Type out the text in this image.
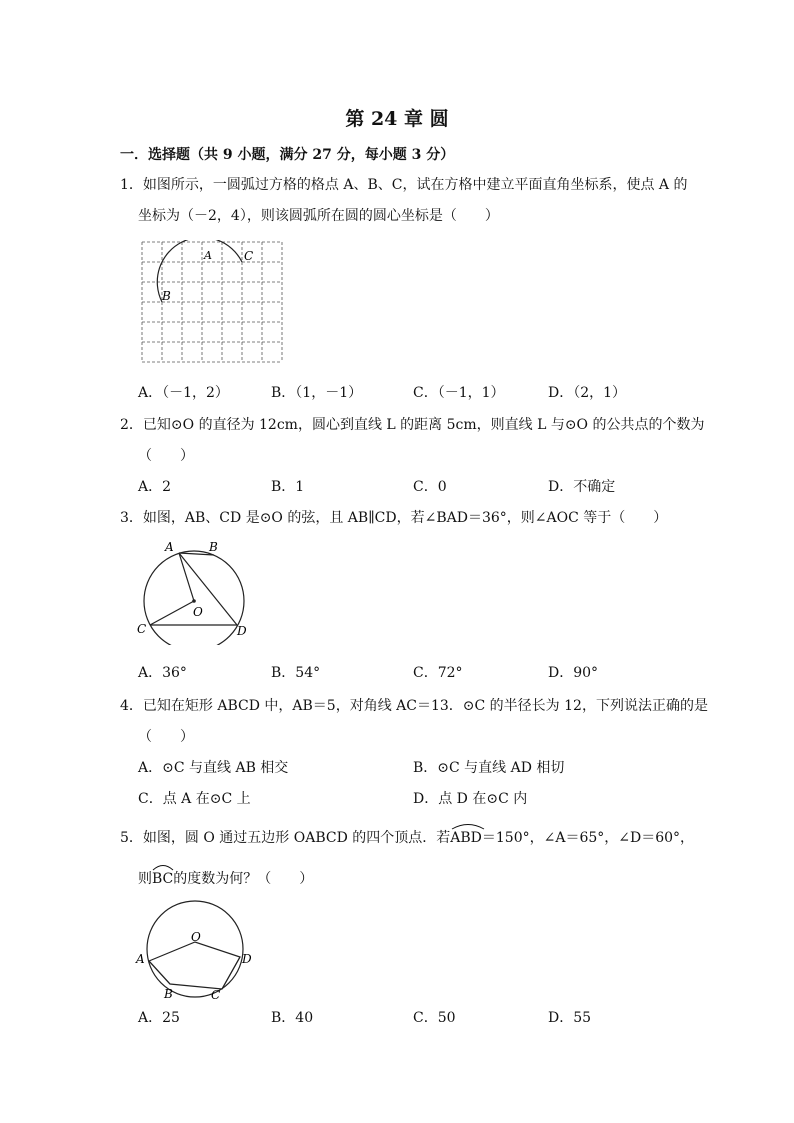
第 24 章 圆
一．选择题（共 9 小题，满分 27 分，每小题 3 分）
1．如图所示，一圆弧过方格的格点 A、B、C，试在方格中建立平面直角坐标系，使点 A 的
坐标为（－2，4），则该圆弧所在圆的圆心坐标是（　　）
A	C
B
A．（－1，2）	B．（1，－1）	C．（－1，1）	D．（2，1）
2．已知⊙O 的直径为 12cm，圆心到直线 L 的距离 5cm，则直线 L 与⊙O 的公共点的个数为
（　　）
A．2	B．1	C．0	D．不确定
3．如图，AB、CD 是⊙O 的弦，且 AB∥CD，若∠BAD＝36°，则∠AOC 等于（　　）
A	B
C	D
O
A．36°	B．54°	C．72°	D．90°
4．已知在矩形 ABCD 中，AB＝5，对角线 AC＝13．⊙C 的半径长为 12，下列说法正确的是
（　　）
A．⊙C 与直线 AB 相交	B．⊙C 与直线 AD 相切
C．点 A 在⊙C 上	D．点 D 在⊙C 内
5．如图，圆 O 通过五边形 OABCD 的四个顶点．若
ABD＝150°，∠A＝65°，∠D＝60°，
则
BC的度数为何？（　　）
O
A
B	C
D
A．25	B．40	C．50	D．55
